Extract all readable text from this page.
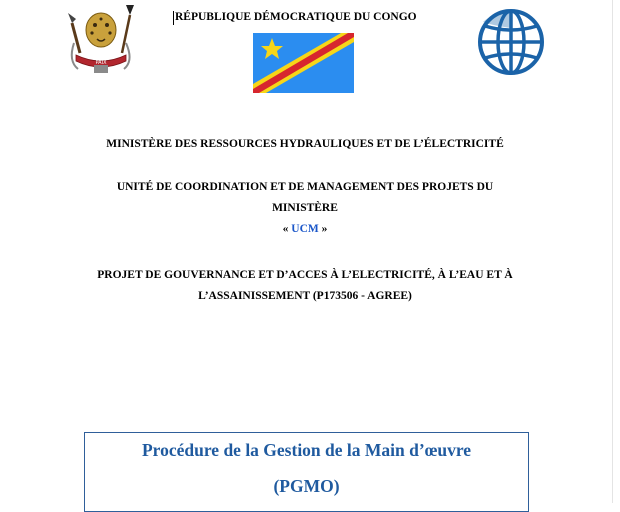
PAIX
RÉPUBLIQUE DÉMOCRATIQUE DU CONGO
MINISTÈRE DES RESSOURCES HYDRAULIQUES ET DE L’ÉLECTRICITÉ
UNITÉ DE COORDINATION ET DE MANAGEMENT DES PROJETS DU
MINISTÈRE
« UCM »
PROJET DE GOUVERNANCE ET D’ACCES À L’ELECTRICITÉ, À L’EAU ET À
L’ASSAINISSEMENT (P173506 - AGREE)
Procédure de la Gestion de la Main d’œuvre
(PGMO)
